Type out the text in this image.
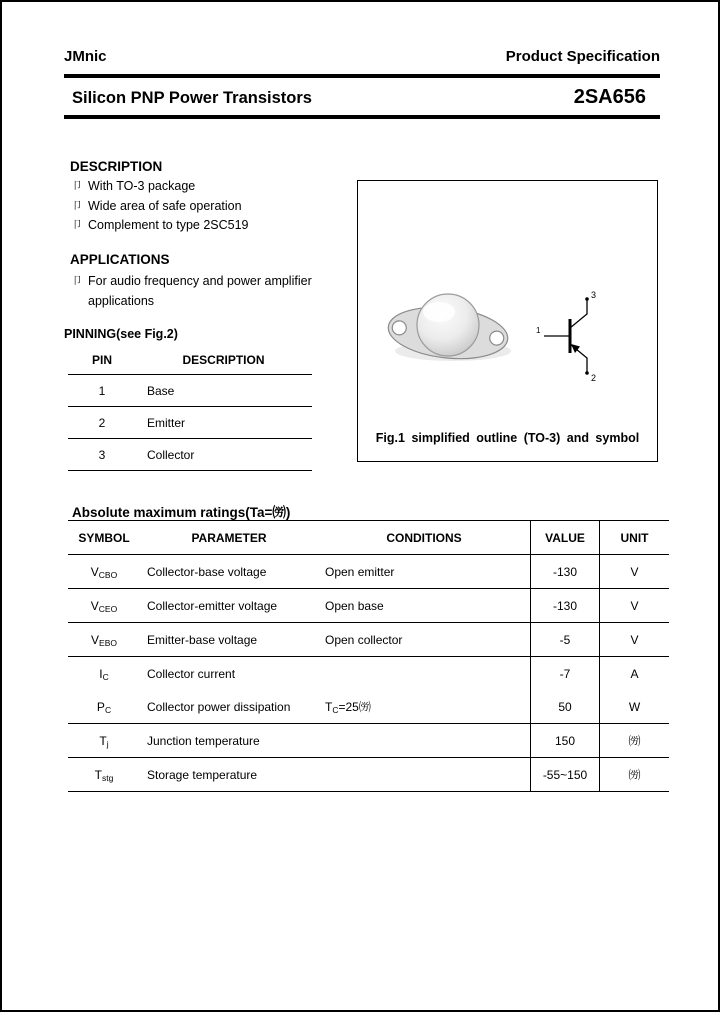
JMnic	Product Specification
Silicon PNP Power Transistors	2SA656
DESCRIPTION
卩 With TO-3 package
卩 Wide area of safe operation
卩 Complement to type 2SC519
APPLICATIONS
卩 For audio frequency and power amplifier applications
PINNING(see Fig.2)
PIN	DESCRIPTION
1	Base
2	Emitter
3	Collector
3
1
2
Fig.1 simplified outline (TO-3) and symbol
Absolute maximum ratings(Ta=㈸)
SYMBOL	PARAMETER	CONDITIONS	VALUE	UNIT
$V_{CBO}$	Collector-base voltage	Open emitter	-130	V
$V_{CEO}$	Collector-emitter voltage	Open base	-130	V
$V_{EBO}$	Emitter-base voltage	Open collector	-5	V
$I_C$	Collector current		-7	A
$P_C$	Collector power dissipation	$T_C=25㈸$	50	W
$T_j$	Junction temperature		150	㈸
$T_{stg}$	Storage temperature		-55~150	㈸
